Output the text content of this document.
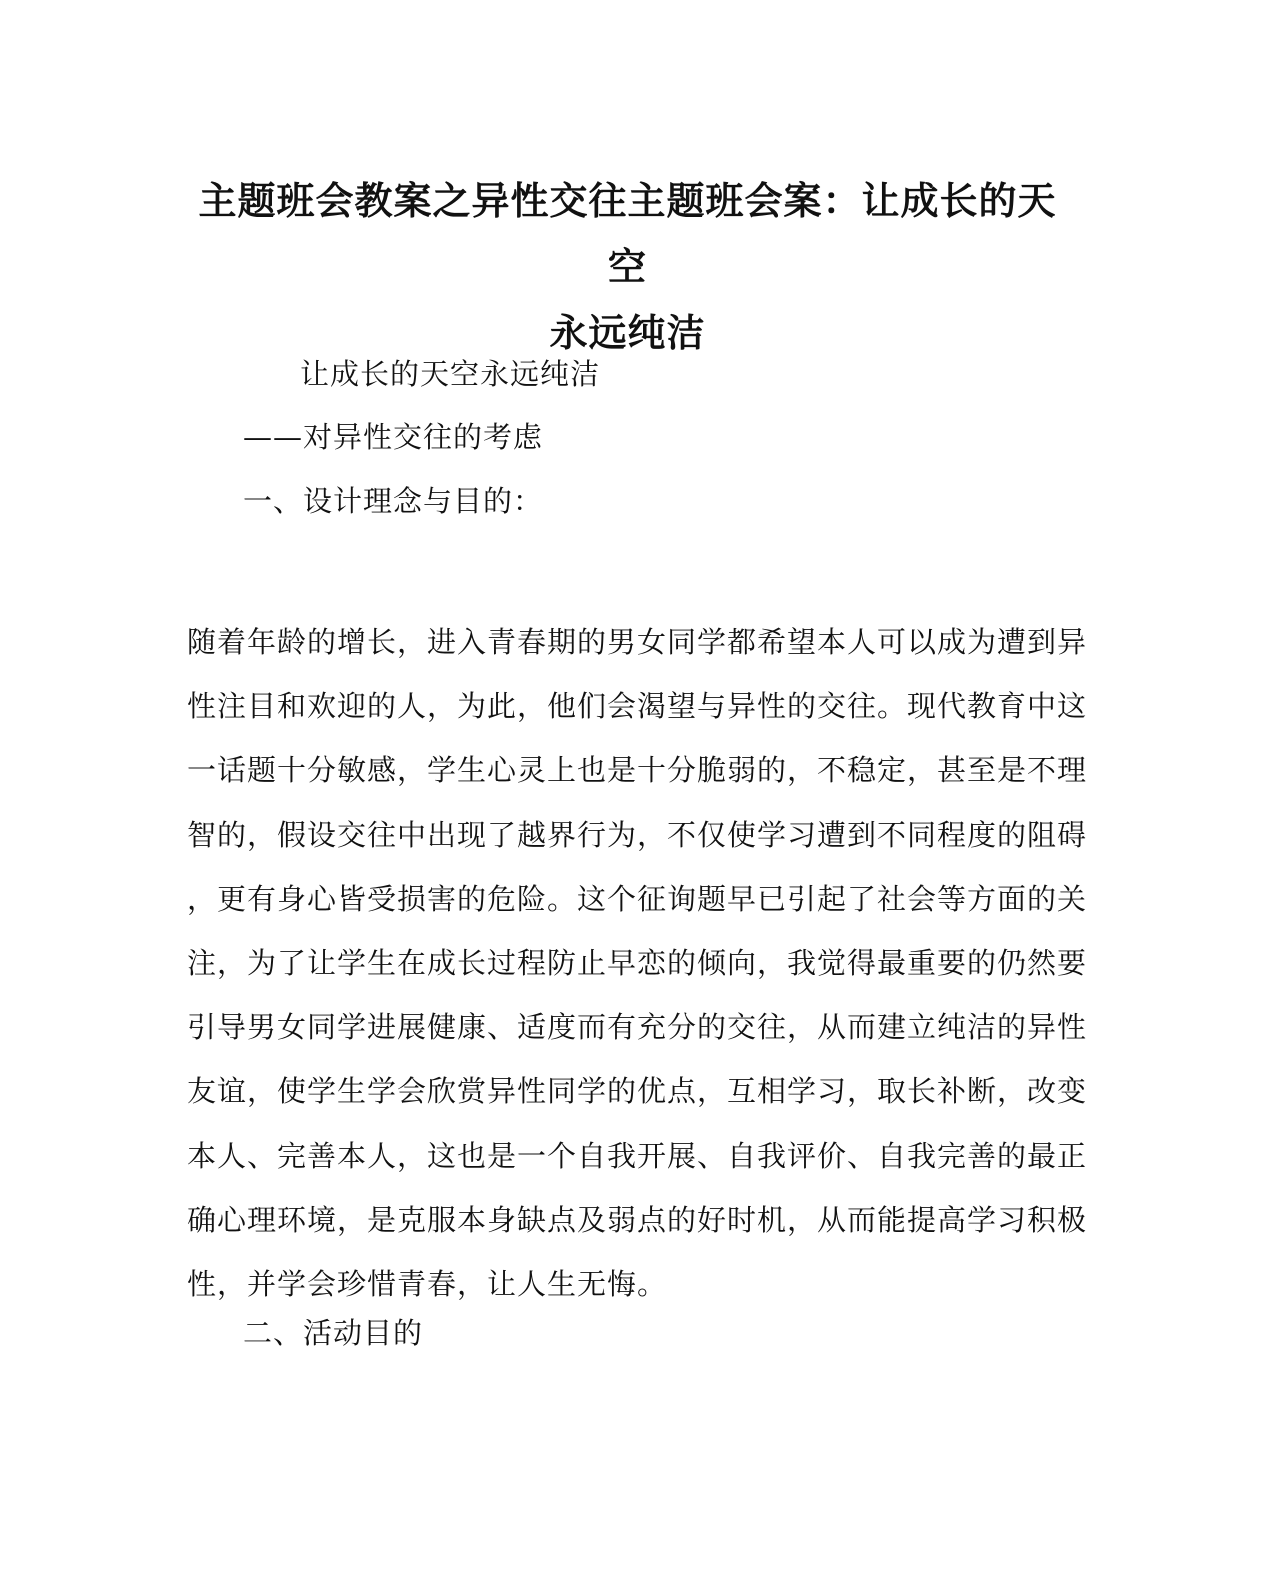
主题班会教案之异性交往主题班会案：让成长的天空
永远纯洁

让成长的天空永远纯洁

——对异性交往的考虑

一、设计理念与目的：

随着年龄的增长，进入青春期的男女同学都希望本人可以成为遭到异
性注目和欢迎的人，为此，他们会渴望与异性的交往。现代教育中这
一话题十分敏感，学生心灵上也是十分脆弱的，不稳定，甚至是不理
智的，假设交往中出现了越界行为，不仅使学习遭到不同程度的阻碍
，更有身心皆受损害的危险。这个征询题早已引起了社会等方面的关
注，为了让学生在成长过程防止早恋的倾向，我觉得最重要的仍然要
引导男女同学进展健康、适度而有充分的交往，从而建立纯洁的异性
友谊，使学生学会欣赏异性同学的优点，互相学习，取长补断，改变
本人、完善本人，这也是一个自我开展、自我评价、自我完善的最正
确心理环境，是克服本身缺点及弱点的好时机，从而能提高学习积极
性，并学会珍惜青春，让人生无悔。

二、活动目的
